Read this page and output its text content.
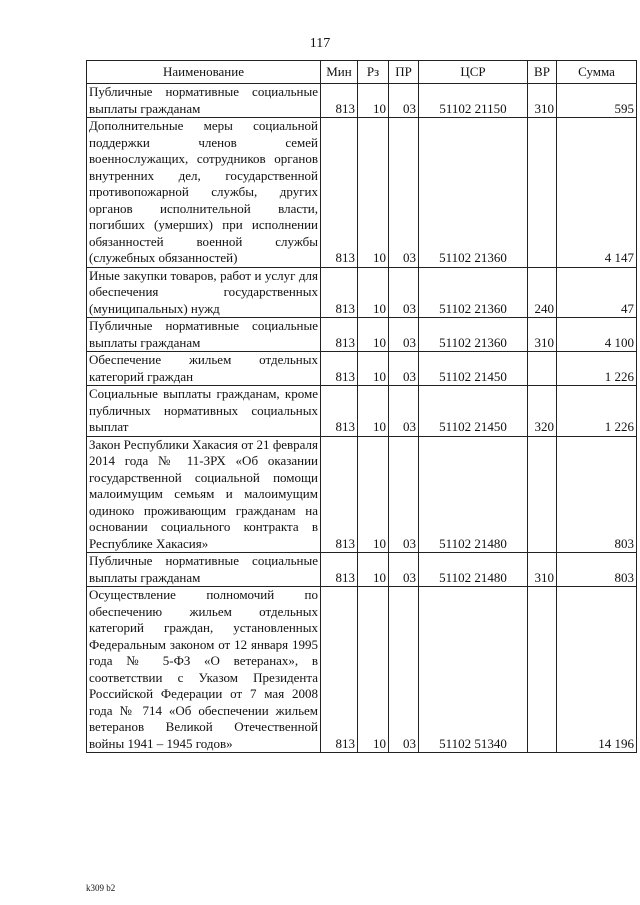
117
Наименование	Мин	Рз	ПР	ЦСР	ВР	Сумма
Публичные нормативные социальные выплаты гражданам	813	10	03	51102 21150	310	595
Дополнительные меры социальной поддержки членов семей военнослужащих, сотрудников органов внутренних дел, государственной противопожарной службы, других органов исполнительной власти, погибших (умерших) при исполнении обязанностей военной службы (служебных обязанностей)	813	10	03	51102 21360		4 147
Иные закупки товаров, работ и услуг для обеспечения государственных (муниципальных) нужд	813	10	03	51102 21360	240	47
Публичные нормативные социальные выплаты гражданам	813	10	03	51102 21360	310	4 100
Обеспечение жильем отдельных категорий граждан	813	10	03	51102 21450		1 226
Социальные выплаты гражданам, кроме публичных нормативных социальных выплат	813	10	03	51102 21450	320	1 226
Закон Республики Хакасия от 21 февраля 2014 года № 11-ЗРХ «Об оказании государственной социальной помощи малоимущим семьям и малоимущим одиноко проживающим гражданам на основании социального контракта в Республике Хакасия»	813	10	03	51102 21480		803
Публичные нормативные социальные выплаты гражданам	813	10	03	51102 21480	310	803
Осуществление полномочий по обеспечению жильем отдельных категорий граждан, установленных Федеральным законом от 12 января 1995 года № 5-ФЗ «О ветеранах», в соответствии с Указом Президента Российской Федерации от 7 мая 2008 года № 714 «Об обеспечении жильем ветеранов Великой Отечественной войны 1941 – 1945 годов»	813	10	03	51102 51340		14 196
k309 b2
